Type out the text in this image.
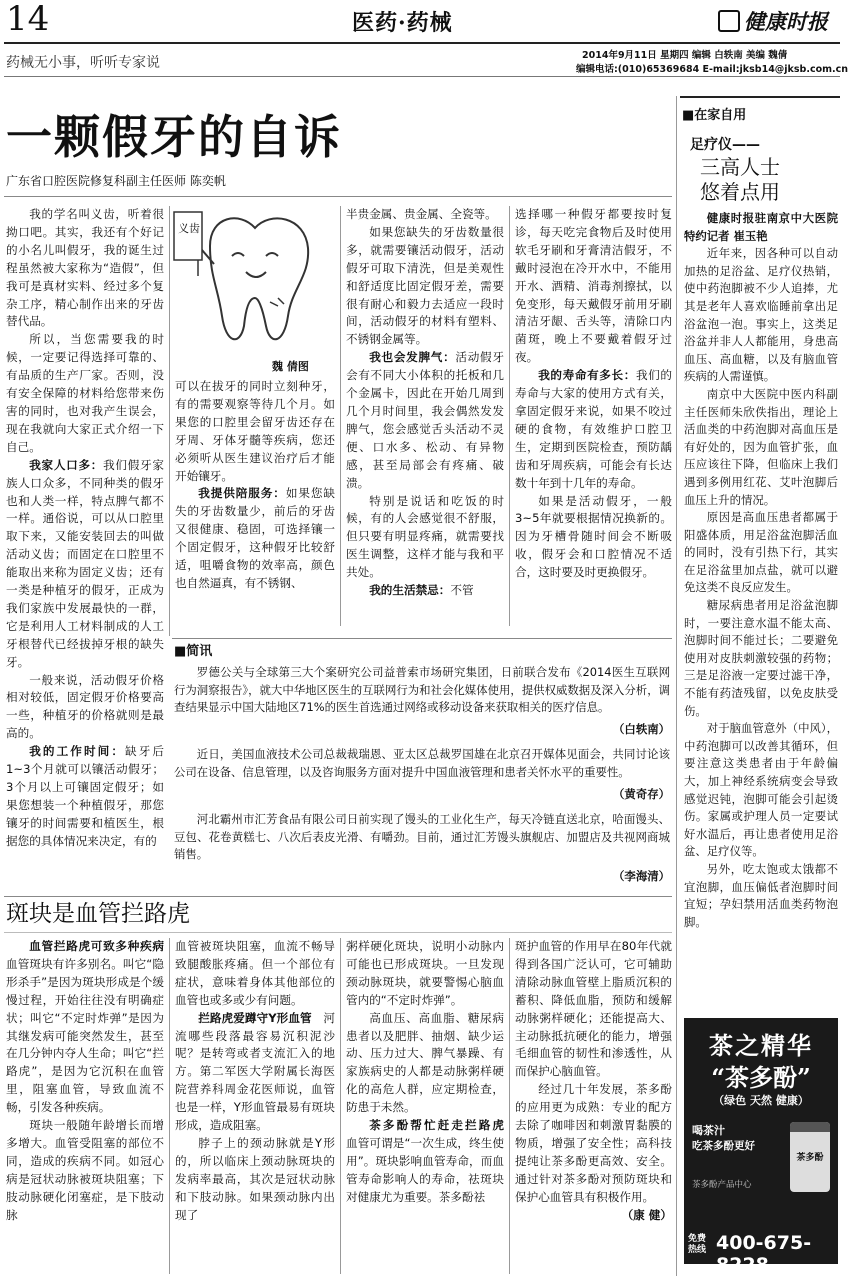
14	医药·药械	健康时报
药械无小事，听听专家说	2014年9月11日 星期四 编辑 白轶南 美编 魏倩
编辑电话:(010)65369684 E-mail:jksb14@jksb.com.cn
一颗假牙的自诉
广东省口腔医院修复科副主任医师 陈奕帆
义齿
魏 倩图

我的学名叫义齿，听着很拗口吧。其实，我还有个好记的小名儿叫假牙，我的诞生过程虽然被大家称为“造假”，但我可是真材实料、经过多个复杂工序，精心制作出来的牙齿替代品。

所以，当您需要我的时候，一定要记得选择可靠的、有品质的生产厂家。否则，没有安全保障的材料给您带来伤害的同时，也对我产生误会，现在我就向大家正式介绍一下自己。

我家人口多：我们假牙家族人口众多，不同种类的假牙也和人类一样，特点脾气都不一样。通俗说，可以从口腔里取下来，又能安装回去的叫做活动义齿；而固定在口腔里不能取出来称为固定义齿；还有一类是种植牙的假牙，正成为我们家族中发展最快的一群，它是利用人工材料制成的人工牙根替代已经拔掉牙根的缺失牙。

一般来说，活动假牙价格相对较低，固定假牙价格要高一些，种植牙的价格就则是最高的。

我的工作时间：缺牙后1~3个月就可以镶活动假牙；3个月以上可镶固定假牙；如果您想装一个种植假牙，那您镶牙的时间需要和植医生，根据您的具体情况来决定，有的

可以在拔牙的同时立刻种牙，有的需要观察等待几个月。如果您的口腔里会留牙齿还存在牙周、牙体牙髓等疾病，您还必须听从医生建议治疗后才能开始镶牙。

我提供陪服务：如果您缺失的牙齿数量少，前后的牙齿又很健康、稳固，可选择镶一个固定假牙，这种假牙比较舒适，咀嚼食物的效率高，颜色也自然逼真，有不锈钢、

半贵金属、贵金属、全瓷等。

如果您缺失的牙齿数量很多，就需要镶活动假牙，活动假牙可取下清洗，但是美观性和舒适度比固定假牙差，需要很有耐心和毅力去适应一段时间，活动假牙的材料有塑料、不锈钢金属等。

我也会发脾气：活动假牙会有不同大小体积的托板和几个金属卡，因此在开始几周到几个月时间里，我会偶然发发脾气，您会感觉舌头活动不灵便、口水多、松动、有异物感，甚至局部会有疼痛、破溃。

特别是说话和吃饭的时候，有的人会感觉很不舒服，但只要有明显疼痛，就需要找医生调整，这样才能与我和平共处。

我的生活禁忌：不管

选择哪一种假牙都要按时复诊，每天吃完食物后及时使用软毛牙刷和牙膏清洁假牙，不戴时浸泡在冷开水中，不能用开水、酒精、消毒剂擦拭，以免变形，每天戴假牙前用牙刷清洁牙龈、舌头等，清除口内菌斑，晚上不要戴着假牙过夜。

我的寿命有多长：我们的寿命与大家的使用方式有关，拿固定假牙来说，如果不咬过硬的食物，有效维护口腔卫生，定期到医院检查，预防龋齿和牙周疾病，可能会有长达数十年到十几年的寿命。

如果是活动假牙，一般3~5年就要根据情况换新的。因为牙槽骨随时间会不断吸收，假牙会和口腔情况不适合，这时要及时更换假牙。

■简讯

罗德公关与全球第三大个案研究公司益普索市场研究集团，日前联合发布《2014医生互联网行为洞察报告》，就大中华地区医生的互联网行为和社会化媒体使用，提供权威数据及深入分析，调查结果显示中国大陆地区71%的医生首选通过网络或移动设备来获取相关的医疗信息。

（白轶南）

近日，美国血液技术公司总裁裁瑞恩、亚太区总裁罗国雄在北京召开媒体见面会，共同讨论该公司在设备、信息管理，以及咨询服务方面对提升中国血液管理和患者关怀水平的重要性。

（黄奇存）

河北霸州市汇芳食品有限公司日前实现了馒头的工业化生产，每天冷链直送北京，哈面馒头、豆包、花卷黄糕七、八次后表皮光滑、有嚼劲。目前，通过汇芳馒头旗舰店、加盟店及共视网商城销售。

（李海清）

斑块是血管拦路虎

血管拦路虎可致多种疾病　血管斑块有许多别名。叫它“隐形杀手”是因为斑块形成是个缓慢过程，开始往往没有明确症状；叫它“不定时炸弹”是因为其继发病可能突然发生，甚至在几分钟内夺人生命；叫它“拦路虎”，是因为它沉积在血管里，阻塞血管，导致血流不畅，引发各种疾病。

斑块一般随年龄增长而增多增大。血管受阻塞的部位不同，造成的疾病不同。如冠心病是冠状动脉被斑块阻塞；下肢动脉硬化闭塞症，是下肢动脉

血管被斑块阻塞，血流不畅导致腿酸胀疼痛。但一个部位有症状，意味着身体其他部位的血管也或多或少有问题。

拦路虎爱蹲守Y形血管　 河流哪些段落最容易沉积泥沙呢？是转弯或者支流汇入的地方。第二军医大学附属长海医院营养科周金花医师说，血管也是一样，Y形血管最易有斑块形成，造成阻塞。

脖子上的颈动脉就是Y形的，所以临床上颈动脉斑块的发病率最高，其次是冠状动脉和下肢动脉。如果颈动脉内出现了

粥样硬化斑块，说明小动脉内可能也已形成斑块。一旦发现颈动脉斑块，就要警惕心脑血管内的“不定时炸弹”。

高血压、高血脂、糖尿病患者以及肥胖、抽烟、缺少运动、压力过大、脾气暴躁、有家族病史的人都是动脉粥样硬化的高危人群，应定期检查，防患于未然。

茶多酚帮忙赶走拦路虎　血管可谓是“一次生成，终生使用”。斑块影响血管寿命，而血管寿命影响人的寿命，祛斑块对健康尤为重要。茶多酚祛

斑护血管的作用早在80年代就得到各国广泛认可，它可辅助清除动脉血管壁上脂质沉积的蓄积、降低血脂，预防和缓解动脉粥样硬化；还能提高大、主动脉抵抗硬化的能力，增强毛细血管的韧性和渗透性，从而保护心脑血管。

经过几十年发展，茶多酚的应用更为成熟：专业的配方去除了咖啡因和刺激胃黏膜的物质，增强了安全性；高科技提纯让茶多酚更高效、安全。通过针对茶多酚对预防斑块和保护心血管具有积极作用。

（康 健）

■在家自用
足疗仪——
三高人士
悠着点用

健康时报驻南京中大医院特约记者 崔玉艳

近年来，因各种可以自动加热的足浴盆、足疗仪热销，使中药泡脚被不少人追捧，尤其是老年人喜欢临睡前拿出足浴盆泡一泡。事实上，这类足浴盆并非人人都能用，身患高血压、高血糖，以及有脑血管疾病的人需谨慎。

南京中大医院中医内科副主任医师朱欣佚指出，理论上活血类的中药泡脚对高血压是有好处的，因为血管扩张，血压应该往下降，但临床上我们遇到多例用红花、艾叶泡脚后血压上升的情况。

原因是高血压患者都属于阳盛体质，用足浴盆泡脚活血的同时，没有引热下行，其实在足浴盆里加点盐，就可以避免这类不良反应发生。

糖尿病患者用足浴盆泡脚时，一要注意水温不能太高、泡脚时间不能过长；二要避免使用对皮肤刺激较强的药物；三是足浴液一定要过滤干净，不能有药渣残留，以免皮肤受伤。

对于脑血管意外（中风），中药泡脚可以改善其循环，但要注意这类患者由于年龄偏大，加上神经系统病变会导致感觉迟钝，泡脚可能会引起烫伤。家属或护理人员一定要试好水温后，再让患者使用足浴盆、足疗仪等。

另外，吃太饱或太饿都不宜泡脚，血压偏低者泡脚时间宜短；孕妇禁用活血类药物泡脚。

茶之精华
“茶多酚”
（绿色 天然 健康）
喝茶汁
吃茶多酚更好
茶多酚
茶多酚产品中心
免费
热线 400-675-8228
